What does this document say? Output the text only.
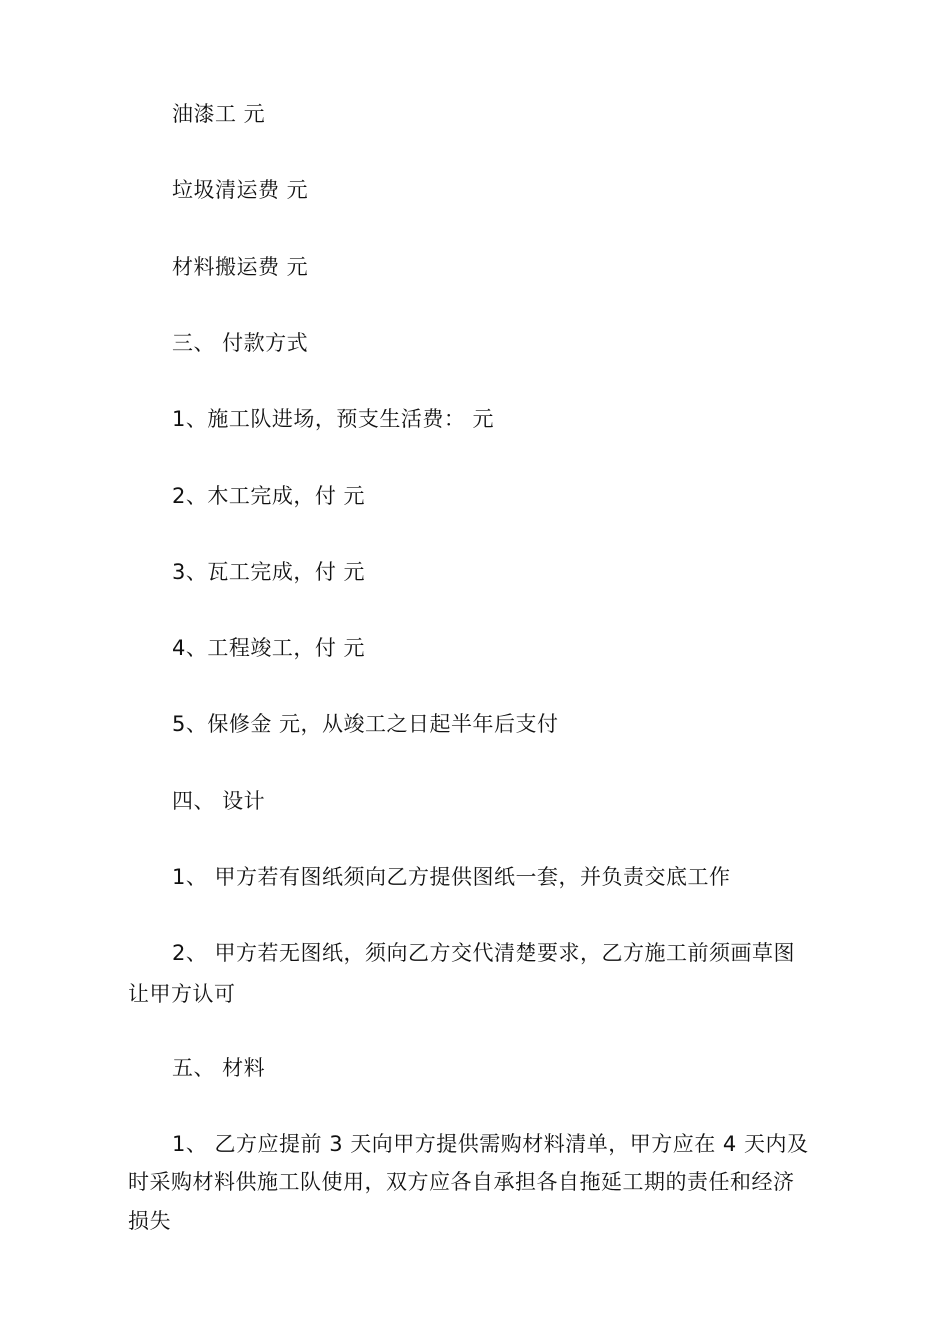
油漆工 元
垃圾清运费 元
材料搬运费 元
三、 付款方式
1、施工队进场，预支生活费： 元
2、木工完成，付 元
3、瓦工完成，付 元
4、工程竣工，付 元
5、保修金 元，从竣工之日起半年后支付
四、 设计
1、 甲方若有图纸须向乙方提供图纸一套，并负责交底工作
2、 甲方若无图纸，须向乙方交代清楚要求，乙方施工前须画草图
让甲方认可
五、 材料
1、 乙方应提前 3 天向甲方提供需购材料清单，甲方应在 4 天内及
时采购材料供施工队使用，双方应各自承担各自拖延工期的责任和经济
损失
